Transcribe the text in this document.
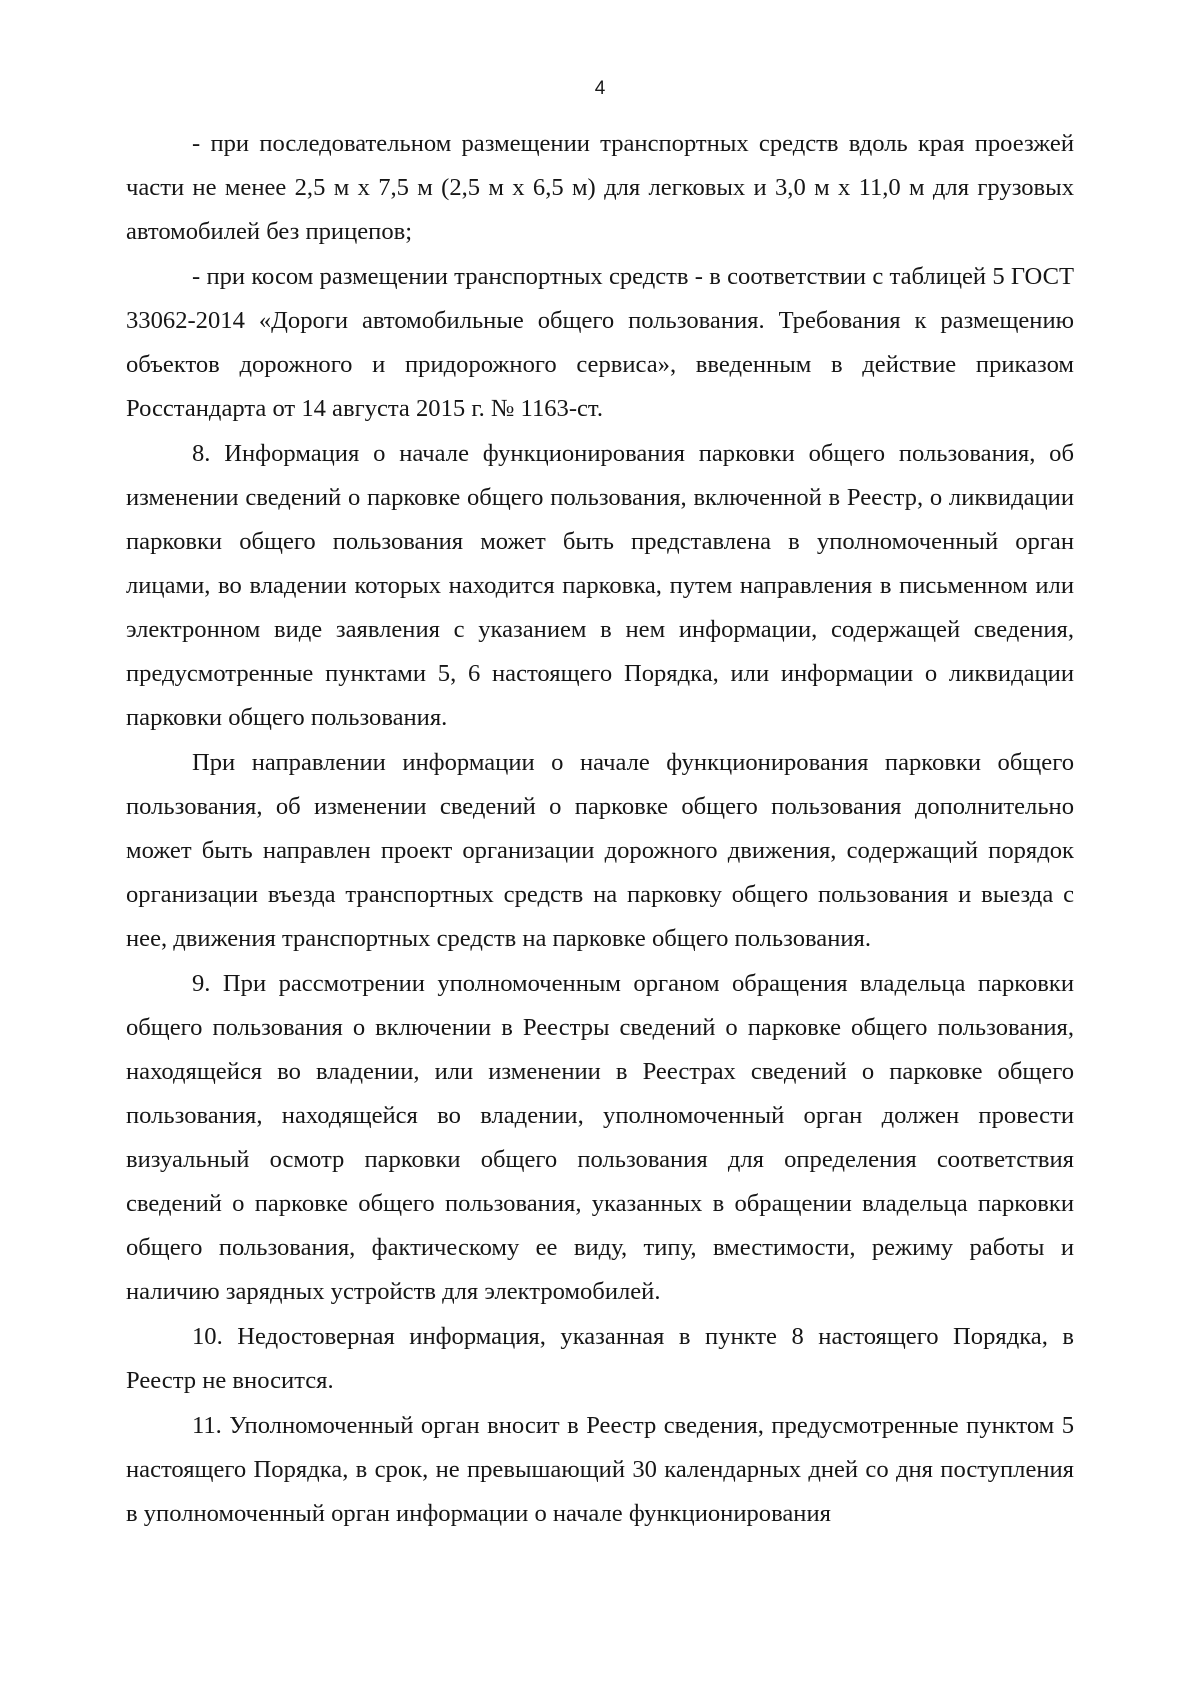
4

- при последовательном размещении транспортных средств вдоль края проезжей части не менее 2,5 м х 7,5 м (2,5 м х 6,5 м) для легковых и 3,0 м х 11,0 м для грузовых автомобилей без прицепов;

- при косом размещении транспортных средств - в соответствии с таблицей 5 ГОСТ 33062-2014 «Дороги автомобильные общего пользования. Требования к размещению объектов дорожного и придорожного сервиса», введенным в действие приказом Росстандарта от 14 августа 2015 г. № 1163-ст.

8. Информация о начале функционирования парковки общего пользования, об изменении сведений о парковке общего пользования, включенной в Реестр, о ликвидации парковки общего пользования может быть представлена в уполномоченный орган лицами, во владении которых находится парковка, путем направления в письменном или электронном виде заявления с указанием в нем информации, содержащей сведения, предусмотренные пунктами 5, 6 настоящего Порядка, или информации о ликвидации парковки общего пользования.

При направлении информации о начале функционирования парковки общего пользования, об изменении сведений о парковке общего пользования дополнительно может быть направлен проект организации дорожного движения, содержащий порядок организации въезда транспортных средств на парковку общего пользования и выезда с нее, движения транспортных средств на парковке общего пользования.

9. При рассмотрении уполномоченным органом обращения владельца парковки общего пользования о включении в Реестры сведений о парковке общего пользования, находящейся во владении, или изменении в Реестрах сведений о парковке общего пользования, находящейся во владении, уполномоченный орган должен провести визуальный осмотр парковки общего пользования для определения соответствия сведений о парковке общего пользования, указанных в обращении владельца парковки общего пользования, фактическому ее виду, типу, вместимости, режиму работы и наличию зарядных устройств для электромобилей.

10. Недостоверная информация, указанная в пункте 8 настоящего Порядка, в Реестр не вносится.

11. Уполномоченный орган вносит в Реестр сведения, предусмотренные пунктом 5 настоящего Порядка, в срок, не превышающий 30 календарных дней со дня поступления в уполномоченный орган информации о начале функционирования
